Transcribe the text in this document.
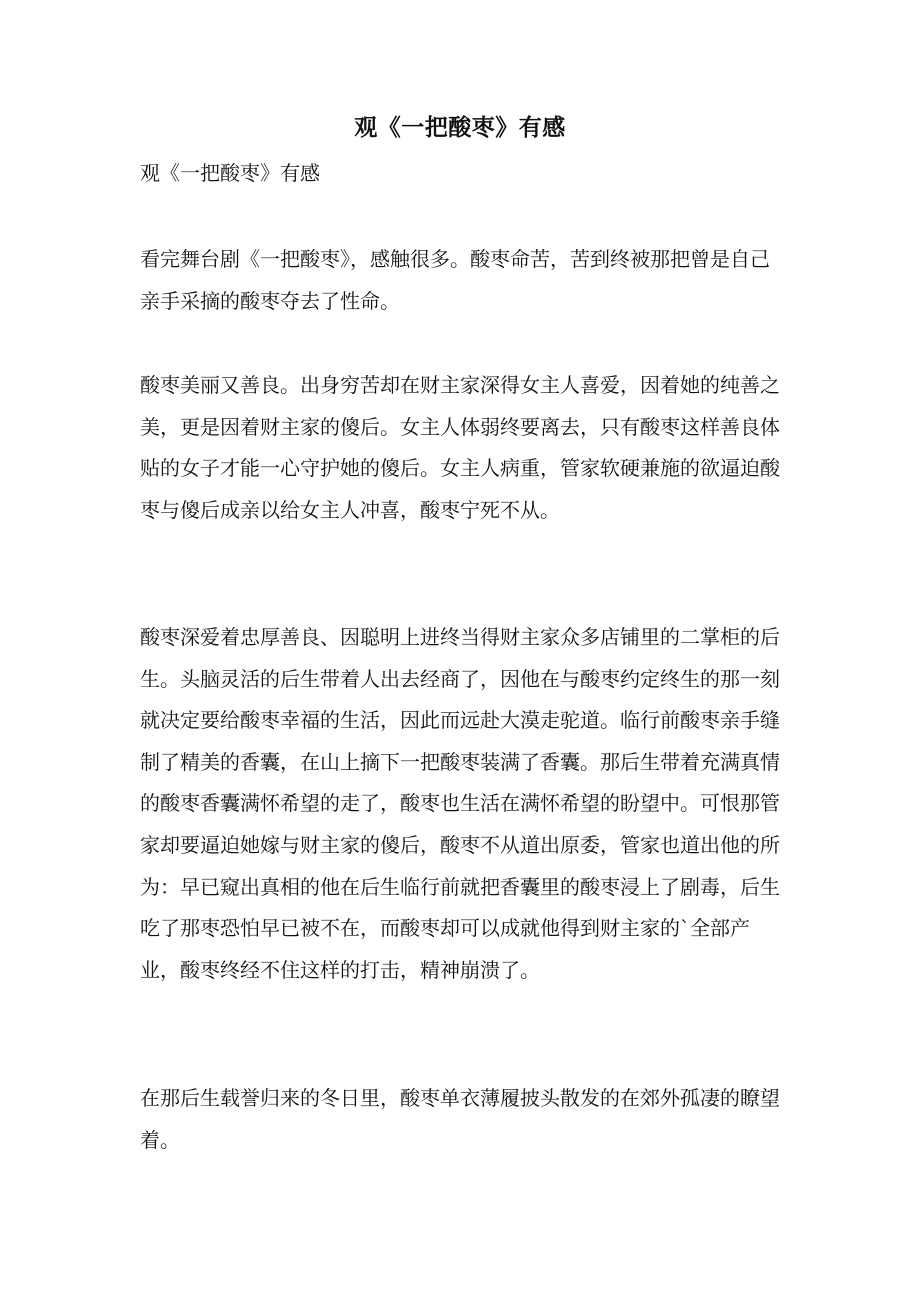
观《一把酸枣》有感
观《一把酸枣》有感

看完舞台剧《一把酸枣》，感触很多。酸枣命苦，苦到终被那把曾是自己亲手采摘的酸枣夺去了性命。

酸枣美丽又善良。出身穷苦却在财主家深得女主人喜爱，因着她的纯善之美，更是因着财主家的傻后。女主人体弱终要离去，只有酸枣这样善良体贴的女子才能一心守护她的傻后。女主人病重，管家软硬兼施的欲逼迫酸枣与傻后成亲以给女主人冲喜，酸枣宁死不从。

酸枣深爱着忠厚善良、因聪明上进终当得财主家众多店铺里的二掌柜的后生。头脑灵活的后生带着人出去经商了，因他在与酸枣约定终生的那一刻就决定要给酸枣幸福的生活，因此而远赴大漠走驼道。临行前酸枣亲手缝制了精美的香囊，在山上摘下一把酸枣装满了香囊。那后生带着充满真情的酸枣香囊满怀希望的走了，酸枣也生活在满怀希望的盼望中。可恨那管家却要逼迫她嫁与财主家的傻后，酸枣不从道出原委，管家也道出他的所为：早已窥出真相的他在后生临行前就把香囊里的酸枣浸上了剧毒，后生吃了那枣恐怕早已被不在，而酸枣却可以成就他得到财主家的`全部产业，酸枣终经不住这样的打击，精神崩溃了。

在那后生载誉归来的冬日里，酸枣单衣薄履披头散发的在郊外孤凄的瞭望着。
